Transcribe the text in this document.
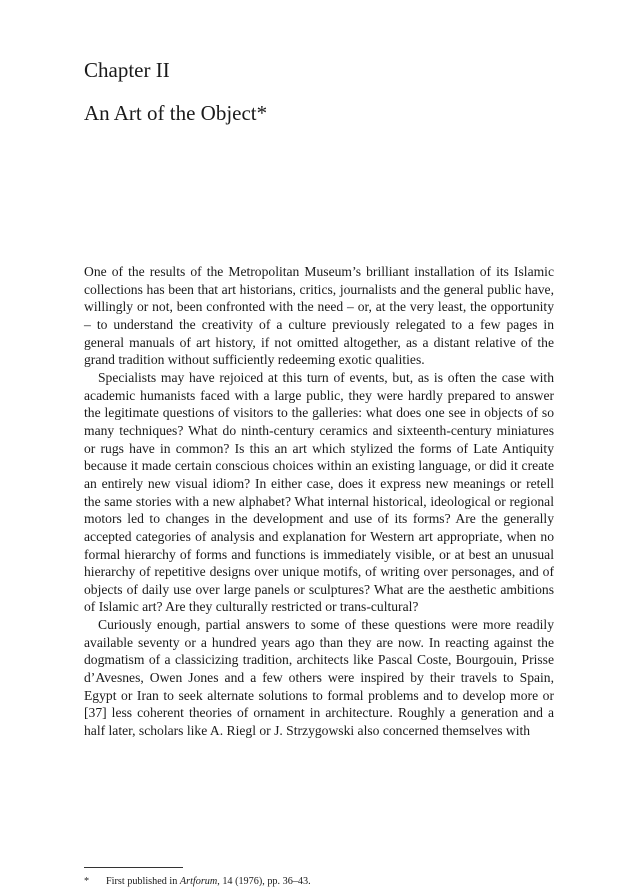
Chapter II
An Art of the Object*

One of the results of the Metropolitan Museum’s brilliant installation of its Islamic collections has been that art historians, critics, journalists and the general public have, willingly or not, been confronted with the need – or, at the very least, the opportunity – to understand the creativity of a culture previously relegated to a few pages in general manuals of art history, if not omitted altogether, as a distant relative of the grand tradition without sufficiently redeeming exotic qualities.

Specialists may have rejoiced at this turn of events, but, as is often the case with academic humanists faced with a large public, they were hardly prepared to answer the legitimate questions of visitors to the galleries: what does one see in objects of so many techniques? What do ninth-century ceramics and sixteenth-century miniatures or rugs have in common? Is this an art which stylized the forms of Late Antiquity because it made certain conscious choices within an existing language, or did it create an entirely new visual idiom? In either case, does it express new meanings or retell the same stories with a new alphabet? What internal historical, ideological or regional motors led to changes in the development and use of its forms? Are the generally accepted categories of analysis and explanation for Western art appropriate, when no formal hierarchy of forms and functions is immediately visible, or at best an unusual hierarchy of repetitive designs over unique motifs, of writing over personages, and of objects of daily use over large panels or sculptures? What are the aesthetic ambitions of Islamic art? Are they culturally restricted or trans-cultural?

Curiously enough, partial answers to some of these questions were more readily available seventy or a hundred years ago than they are now. In reacting against the dogmatism of a classicizing tradition, architects like Pascal Coste, Bourgouin, Prisse d’Avesnes, Owen Jones and a few others were inspired by their travels to Spain, Egypt or Iran to seek alternate solutions to formal problems and to develop more or [37] less coherent theories of ornament in architecture. Roughly a generation and a half later, scholars like A. Riegl or J. Strzygowski also concerned themselves with

* First published in Artforum, 14 (1976), pp. 36–43.
